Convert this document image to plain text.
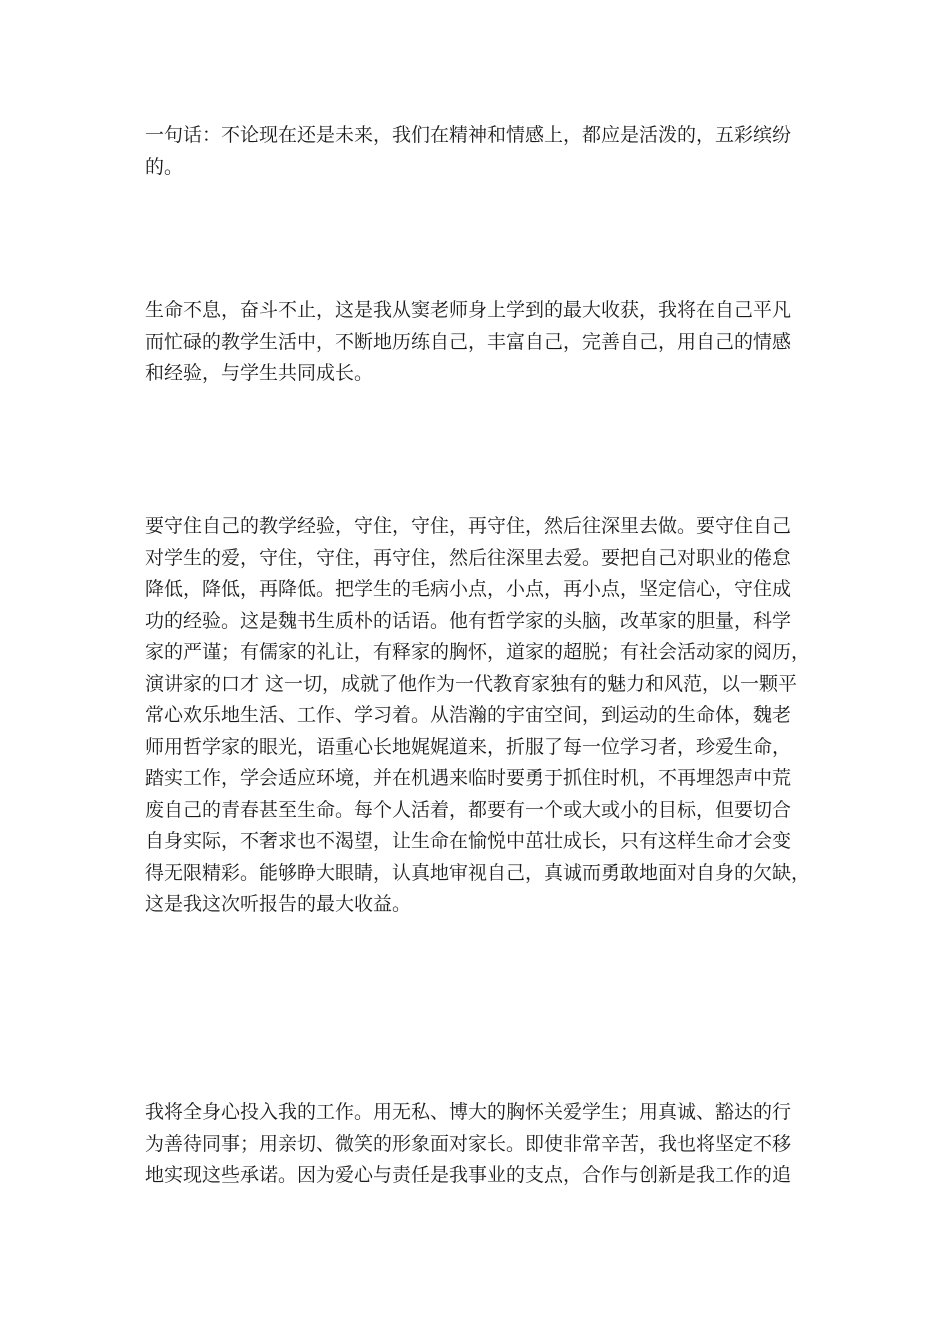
一句话：不论现在还是未来，我们在精神和情感上，都应是活泼的，五彩缤纷
的。

生命不息，奋斗不止，这是我从窦老师身上学到的最大收获，我将在自己平凡
而忙碌的教学生活中，不断地历练自己，丰富自己，完善自己，用自己的情感
和经验，与学生共同成长。

要守住自己的教学经验，守住，守住，再守住，然后往深里去做。要守住自己
对学生的爱，守住，守住，再守住，然后往深里去爱。要把自己对职业的倦怠
降低，降低，再降低。把学生的毛病小点，小点，再小点，坚定信心，守住成
功的经验。这是魏书生质朴的话语。他有哲学家的头脑，改革家的胆量，科学
家的严谨；有儒家的礼让，有释家的胸怀，道家的超脱；有社会活动家的阅历，
演讲家的口才 这一切，成就了他作为一代教育家独有的魅力和风范，以一颗平
常心欢乐地生活、工作、学习着。从浩瀚的宇宙空间，到运动的生命体，魏老
师用哲学家的眼光，语重心长地娓娓道来，折服了每一位学习者，珍爱生命，
踏实工作，学会适应环境，并在机遇来临时要勇于抓住时机，不再埋怨声中荒
废自己的青春甚至生命。每个人活着，都要有一个或大或小的目标，但要切合
自身实际，不奢求也不渴望，让生命在愉悦中茁壮成长，只有这样生命才会变
得无限精彩。能够睁大眼睛，认真地审视自己，真诚而勇敢地面对自身的欠缺，
这是我这次听报告的最大收益。

我将全身心投入我的工作。用无私、博大的胸怀关爱学生；用真诚、豁达的行
为善待同事；用亲切、微笑的形象面对家长。即使非常辛苦，我也将坚定不移
地实现这些承诺。因为爱心与责任是我事业的支点，合作与创新是我工作的追
